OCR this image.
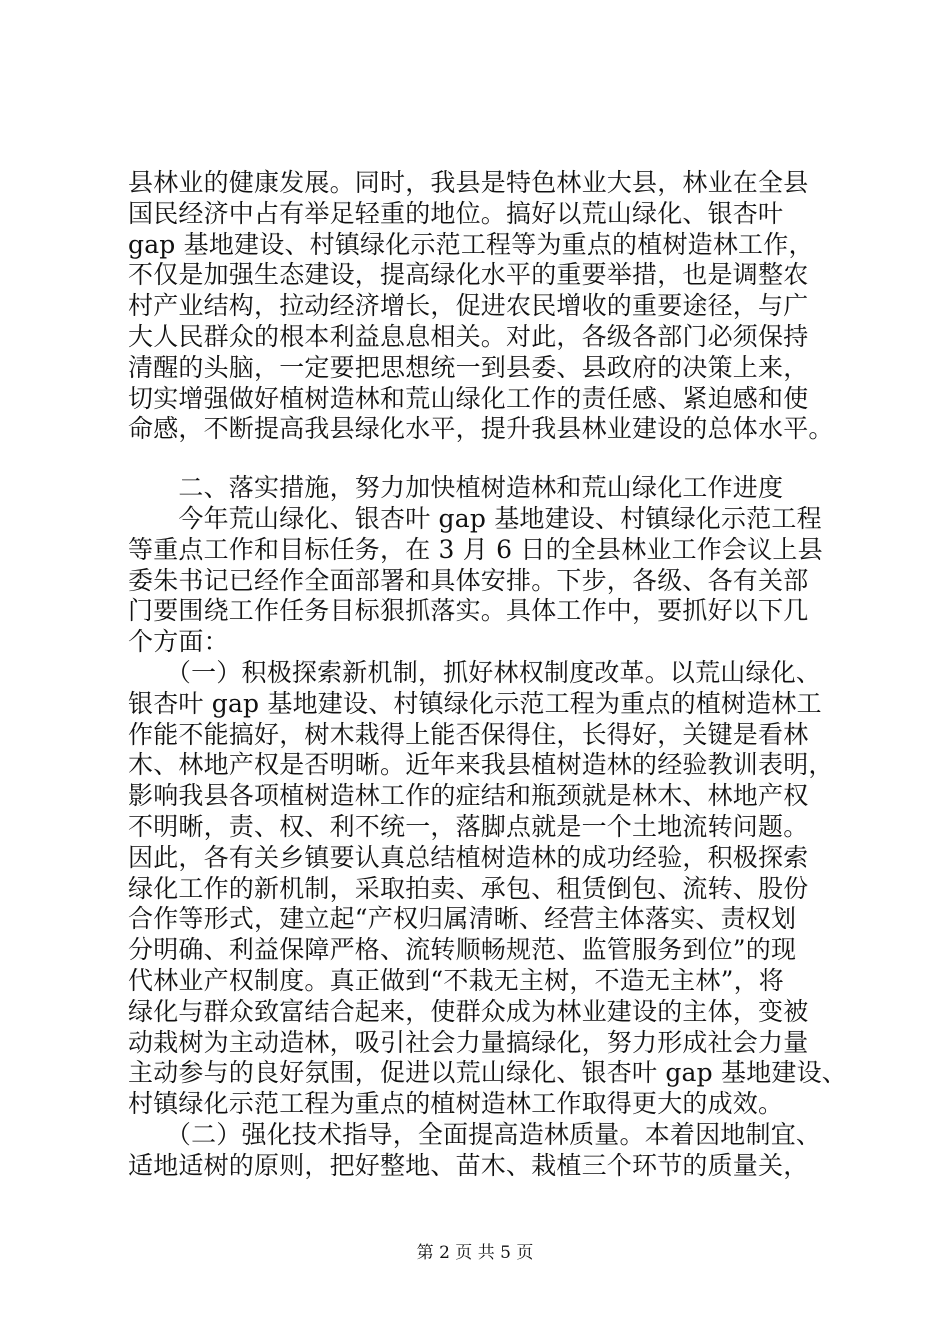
县林业的健康发展。同时，我县是特色林业大县，林业在全县
国民经济中占有举足轻重的地位。搞好以荒山绿化、银杏叶
gap 基地建设、村镇绿化示范工程等为重点的植树造林工作，
不仅是加强生态建设，提高绿化水平的重要举措，也是调整农
村产业结构，拉动经济增长，促进农民增收的重要途径，与广
大人民群众的根本利益息息相关。对此，各级各部门必须保持
清醒的头脑，一定要把思想统一到县委、县政府的决策上来，
切实增强做好植树造林和荒山绿化工作的责任感、紧迫感和使
命感，不断提高我县绿化水平，提升我县林业建设的总体水平。
　　二、落实措施，努力加快植树造林和荒山绿化工作进度
　　今年荒山绿化、银杏叶 gap 基地建设、村镇绿化示范工程
等重点工作和目标任务，在 3 月 6 日的全县林业工作会议上县
委朱书记已经作全面部署和具体安排。下步，各级、各有关部
门要围绕工作任务目标狠抓落实。具体工作中，要抓好以下几
个方面：
　　（一）积极探索新机制，抓好林权制度改革。以荒山绿化、
银杏叶 gap 基地建设、村镇绿化示范工程为重点的植树造林工
作能不能搞好，树木栽得上能否保得住，长得好，关键是看林
木、林地产权是否明晰。近年来我县植树造林的经验教训表明，
影响我县各项植树造林工作的症结和瓶颈就是林木、林地产权
不明晰，责、权、利不统一，落脚点就是一个土地流转问题。
因此，各有关乡镇要认真总结植树造林的成功经验，积极探索
绿化工作的新机制，采取拍卖、承包、租赁倒包、流转、股份
合作等形式，建立起“产权归属清晰、经营主体落实、责权划
分明确、利益保障严格、流转顺畅规范、监管服务到位”的现
代林业产权制度。真正做到“不栽无主树，不造无主林”，将
绿化与群众致富结合起来，使群众成为林业建设的主体，变被
动栽树为主动造林，吸引社会力量搞绿化，努力形成社会力量
主动参与的良好氛围，促进以荒山绿化、银杏叶 gap 基地建设、
村镇绿化示范工程为重点的植树造林工作取得更大的成效。
　　（二）强化技术指导，全面提高造林质量。本着因地制宜、
适地适树的原则，把好整地、苗木、栽植三个环节的质量关，
第 2 页 共 5 页
